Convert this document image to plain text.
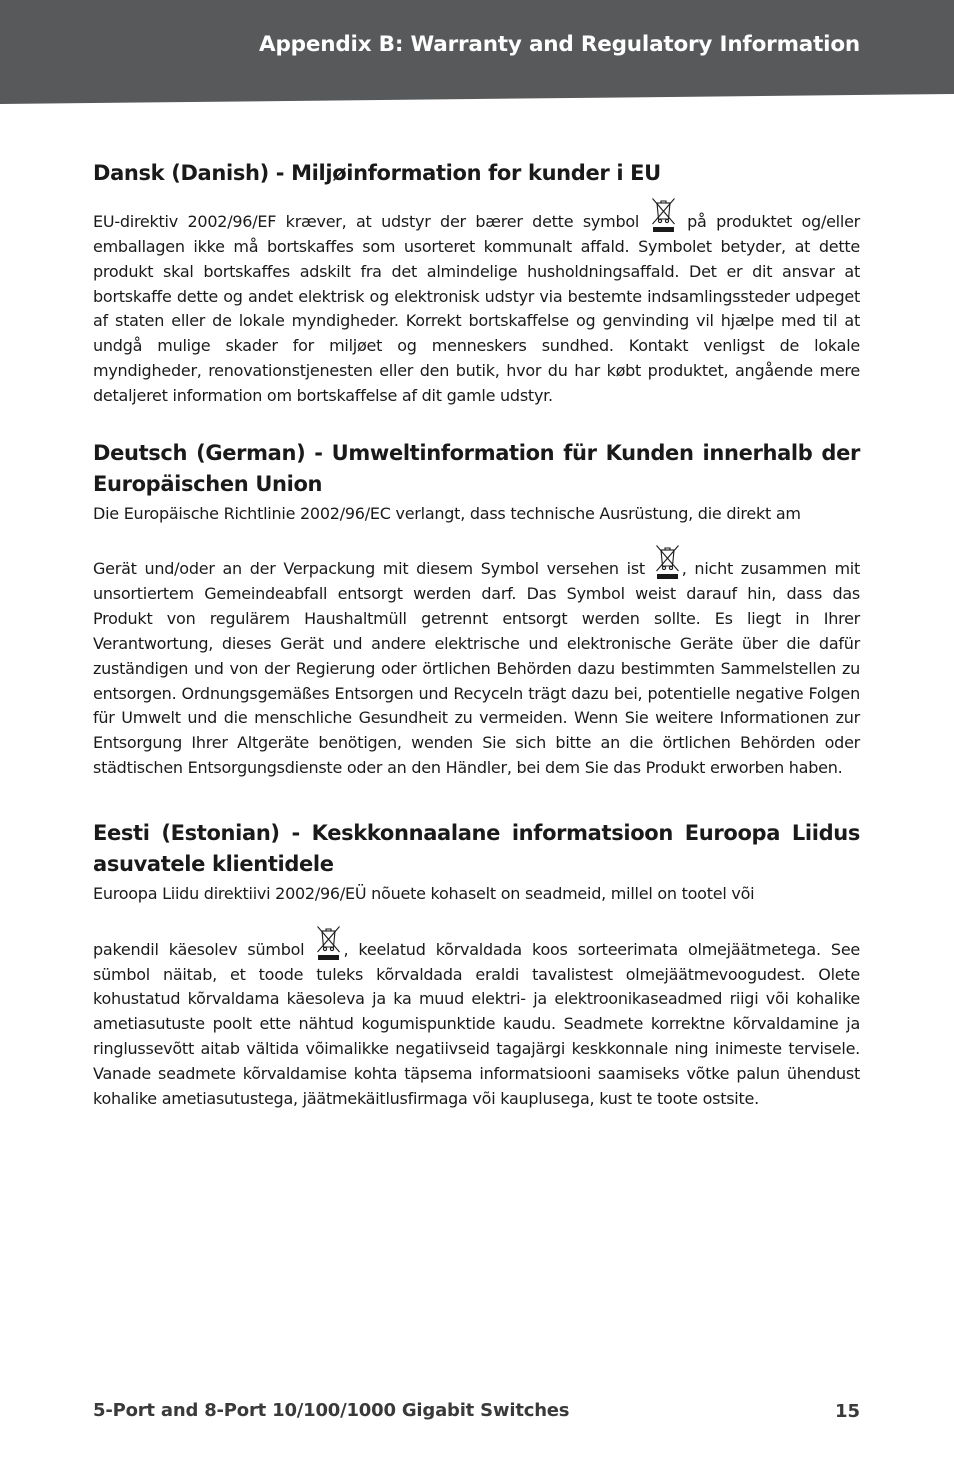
Appendix B: Warranty and Regulatory Information
Dansk (Danish) - Miljøinformation for kunder i EU

EU-direktiv 2002/96/EF kræver, at udstyr der bærer dette symbol	på produktet og/eller emballagen ikke må bortskaffes som usorteret kommunalt affald. Symbolet betyder, at dette produkt skal bortskaffes adskilt fra det almindelige husholdningsaffald. Det er dit ansvar at bortskaffe dette og andet elektrisk og elektronisk udstyr via bestemte indsamlingssteder udpeget af staten eller de lokale myndigheder. Korrekt bortskaffelse og genvinding vil hjælpe med til at undgå mulige skader for miljøet og menneskers sundhed. Kontakt venligst de lokale myndigheder, renovationstjenesten eller den butik, hvor du har købt produktet, angående mere detaljeret information om bortskaffelse af dit gamle udstyr.

Deutsch (German) - Umweltinformation für Kunden innerhalb der Europäischen Union
Die Europäische Richtlinie 2002/96/EC verlangt, dass technische Ausrüstung, die direkt am

Gerät und/oder an der Verpackung mit diesem Symbol versehen ist , nicht zusammen mit unsortiertem Gemeindeabfall entsorgt werden darf. Das Symbol weist darauf hin, dass das Produkt von regulärem Haushaltmüll getrennt entsorgt werden sollte. Es liegt in Ihrer Verantwortung, dieses Gerät und andere elektrische und elektronische Geräte über die dafür zuständigen und von der Regierung oder örtlichen Behörden dazu bestimmten Sammelstellen zu entsorgen. Ordnungsgemäßes Entsorgen und Recyceln trägt dazu bei, potentielle negative Folgen für Umwelt und die menschliche Gesundheit zu vermeiden. Wenn Sie weitere Informationen zur Entsorgung Ihrer Altgeräte benötigen, wenden Sie sich bitte an die örtlichen Behörden oder städtischen Entsorgungsdienste oder an den Händler, bei dem Sie das Produkt erworben haben.

Eesti (Estonian) - Keskkonnaalane informatsioon Euroopa Liidus asuvatele klientidele
Euroopa Liidu direktiivi 2002/96/EÜ nõuete kohaselt on seadmeid, millel on tootel või

pakendil käesolev sümbol , keelatud kõrvaldada koos sorteerimata olmejäätmetega. See sümbol näitab, et toode tuleks kõrvaldada eraldi tavalistest olmejäätmevoogudest. Olete kohustatud kõrvaldama käesoleva ja ka muud elektri- ja elektroonikaseadmed riigi või kohalike ametiasutuste poolt ette nähtud kogumispunktide kaudu. Seadmete korrektne kõrvaldamine ja ringlussevõtt aitab vältida võimalikke negatiivseid tagajärgi keskkonnale ning inimeste tervisele. Vanade seadmete kõrvaldamise kohta täpsema informatsiooni saamiseks võtke palun ühendust kohalike ametiasutustega, jäätmekäitlusfirmaga või kauplusega, kust te toote ostsite.

5-Port and 8-Port 10/100/1000 Gigabit Switches	15
